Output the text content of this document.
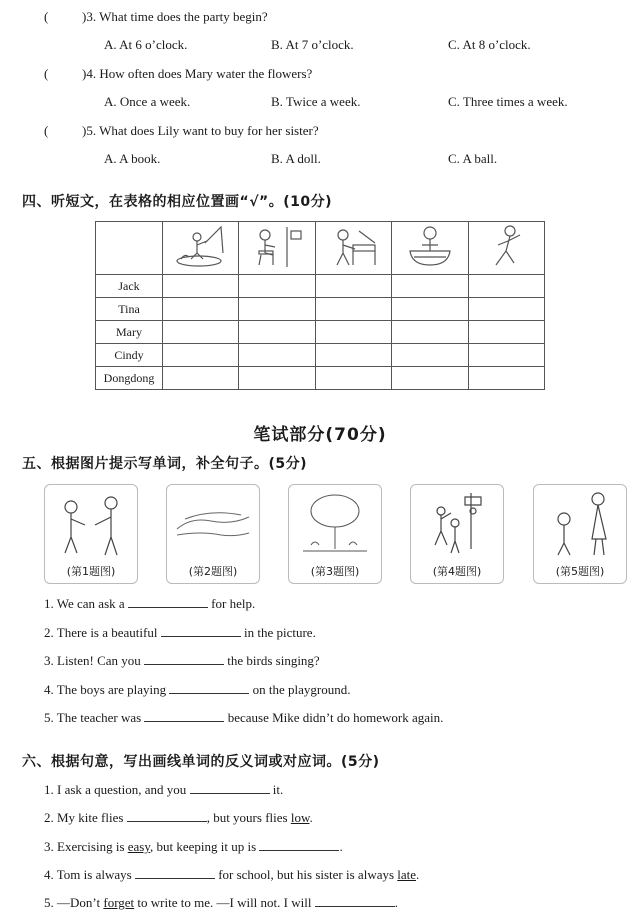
(	)3. What time does the party begin?
A. At 6 o’clock.	B. At 7 o’clock.	C. At 8 o’clock.
(	)4. How often does Mary water the flowers?
A. Once a week.	B. Twice a week.	C. Three times a week.
(	)5. What does Lily want to buy for her sister?
A. A book.	B. A doll.	C. A ball.
四、听短文，在表格的相应位置画“√”。(10分)

Jack					
Tina					
Mary					
Cindy					
Dongdong					
笔试部分(70分)
五、根据图片提示写单词，补全句子。(5分)
(第1题图)	(第2题图)	(第3题图)	(第4题图)	(第5题图)
1. We can ask a	for help.
2. There is a beautiful	in the picture.
3. Listen! Can you	the birds singing?
4. The boys are playing	on the playground.
5. The teacher was	because Mike didn’t do homework again.
六、根据句意，写出画线单词的反义词或对应词。(5分)
1. I ask a question, and you	it.
2. My kite flies	, but yours flies low.
3. Exercising is easy, but keeping it up is	.
4. Tom is always	for school, but his sister is always late.
5. —Don’t forget to write to me. —I will not. I will	.
